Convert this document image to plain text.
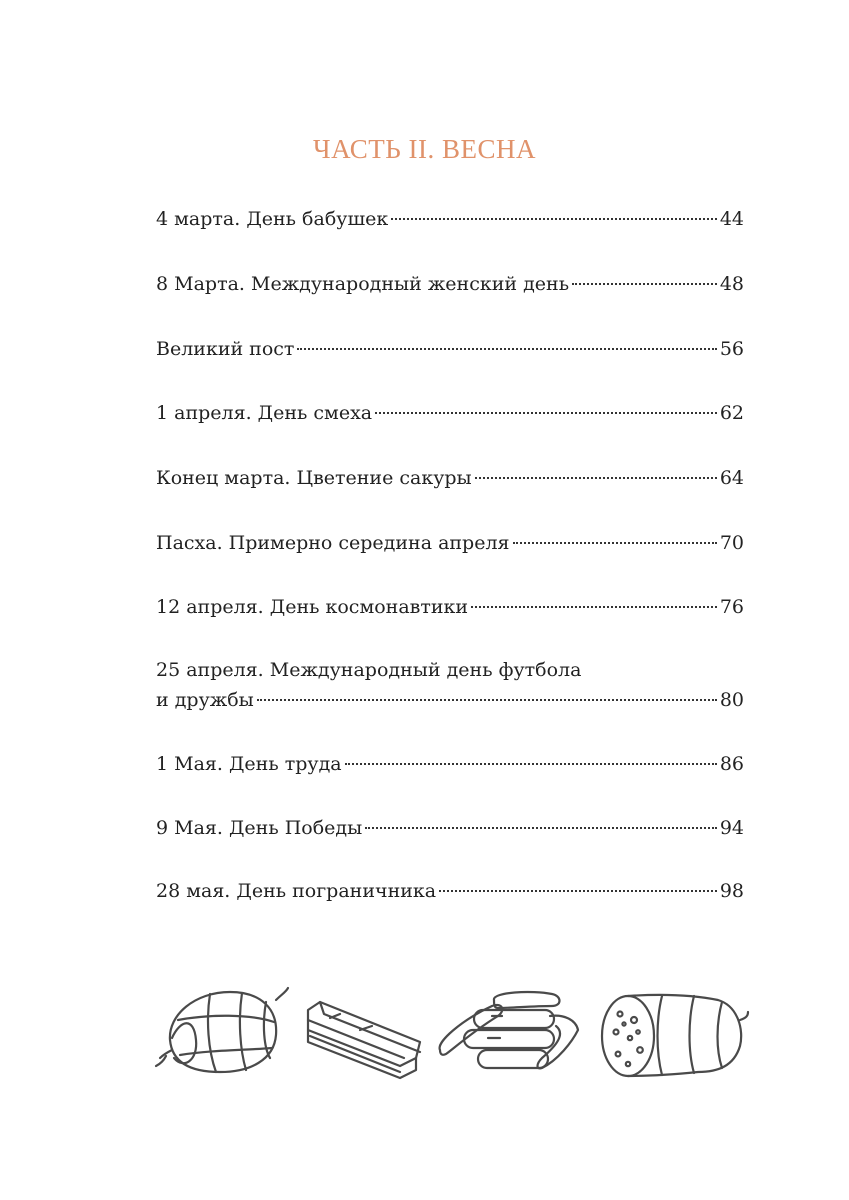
ЧАСТЬ II. ВЕСНА
4 марта. День бабушек	44
8 Марта. Международный женский день	48
Великий пост	56
1 апреля. День смеха	62
Конец марта. Цветение сакуры	64
Пасха. Примерно середина апреля	70
12 апреля. День космонавтики	76
25 апреля. Международный день футбола
и дружбы	80
1 Мая. День труда	86
9 Мая. День Победы	94
28 мая. День пограничника	98
